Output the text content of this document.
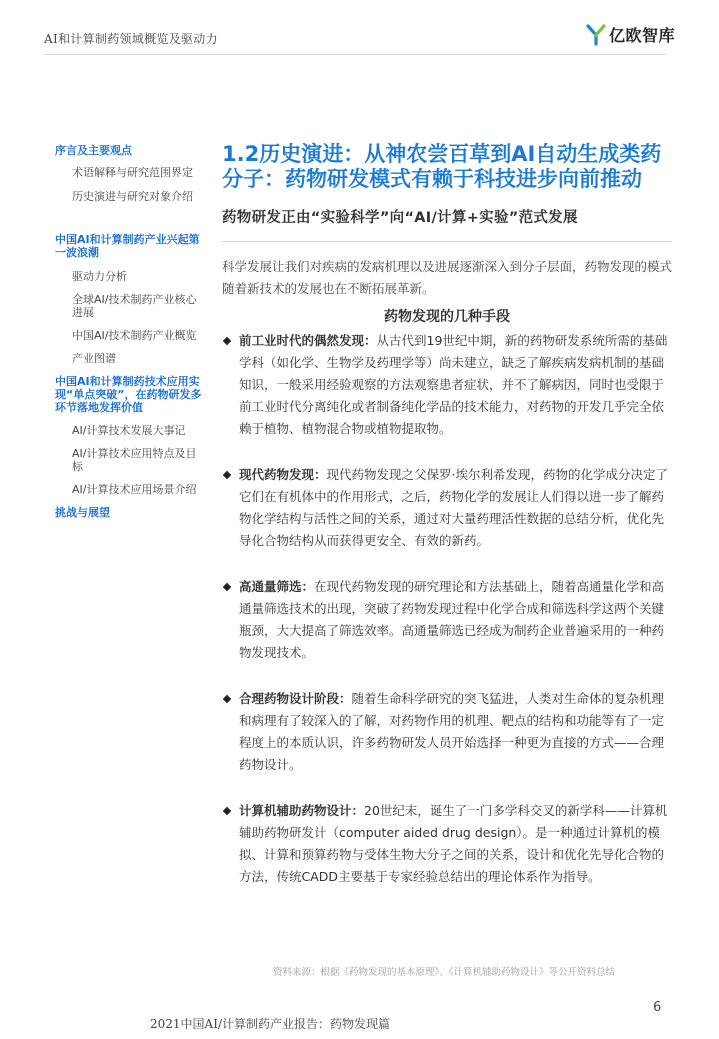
AI和计算制药领域概览及驱动力	亿欧智库
序言及主要观点
术语解释与研究范围界定
历史演进与研究对象介绍
中国AI和计算制药产业兴起第一波浪潮
驱动力分析
全球AI/技术制药产业核心进展
中国AI/技术制药产业概览
产业图谱
中国AI和计算制药技术应用实现“单点突破”，在药物研发多环节落地发挥价值
AI/计算技术发展大事记
AI/计算技术应用特点及目标
AI/计算技术应用场景介绍
挑战与展望
1.2历史演进：从神农尝百草到AI自动生成类药分子：药物研发模式有赖于科技进步向前推动
药物研发正由“实验科学”向“AI/计算+实验”范式发展
科学发展让我们对疾病的发病机理以及进展逐渐深入到分子层面，药物发现的模式随着新技术的发展也在不断拓展革新。
药物发现的几种手段
前工业时代的偶然发现：从古代到19世纪中期，新的药物研发系统所需的基础学科（如化学、生物学及药理学等）尚未建立，缺乏了解疾病发病机制的基础知识，一般采用经验观察的方法观察患者症状，并不了解病因，同时也受限于前工业时代分离纯化或者制备纯化学品的技术能力，对药物的开发几乎完全依赖于植物、植物混合物或植物提取物。
现代药物发现：现代药物发现之父保罗·埃尔利希发现，药物的化学成分决定了它们在有机体中的作用形式，之后，药物化学的发展让人们得以进一步了解药物化学结构与活性之间的关系，通过对大量药理活性数据的总结分析，优化先导化合物结构从而获得更安全、有效的新药。
高通量筛选：在现代药物发现的研究理论和方法基础上，随着高通量化学和高通量筛选技术的出现，突破了药物发现过程中化学合成和筛选科学这两个关键瓶颈，大大提高了筛选效率。高通量筛选已经成为制药企业普遍采用的一种药物发现技术。
合理药物设计阶段：随着生命科学研究的突飞猛进，人类对生命体的复杂机理和病理有了较深入的了解，对药物作用的机理、靶点的结构和功能等有了一定程度上的本质认识，许多药物研发人员开始选择一种更为直接的方式——合理药物设计。
计算机辅助药物设计：20世纪末，诞生了一门多学科交叉的新学科——计算机辅助药物研发计（computer aided drug design）。是一种通过计算机的模拟、计算和预算药物与受体生物大分子之间的关系，设计和优化先导化合物的方法，传统CADD主要基于专家经验总结出的理论体系作为指导。
资料来源：根据《药物发现的基本原理》、《计算机辅助药物设计》等公开资料总结
6
2021中国AI/计算制药产业报告：药物发现篇
